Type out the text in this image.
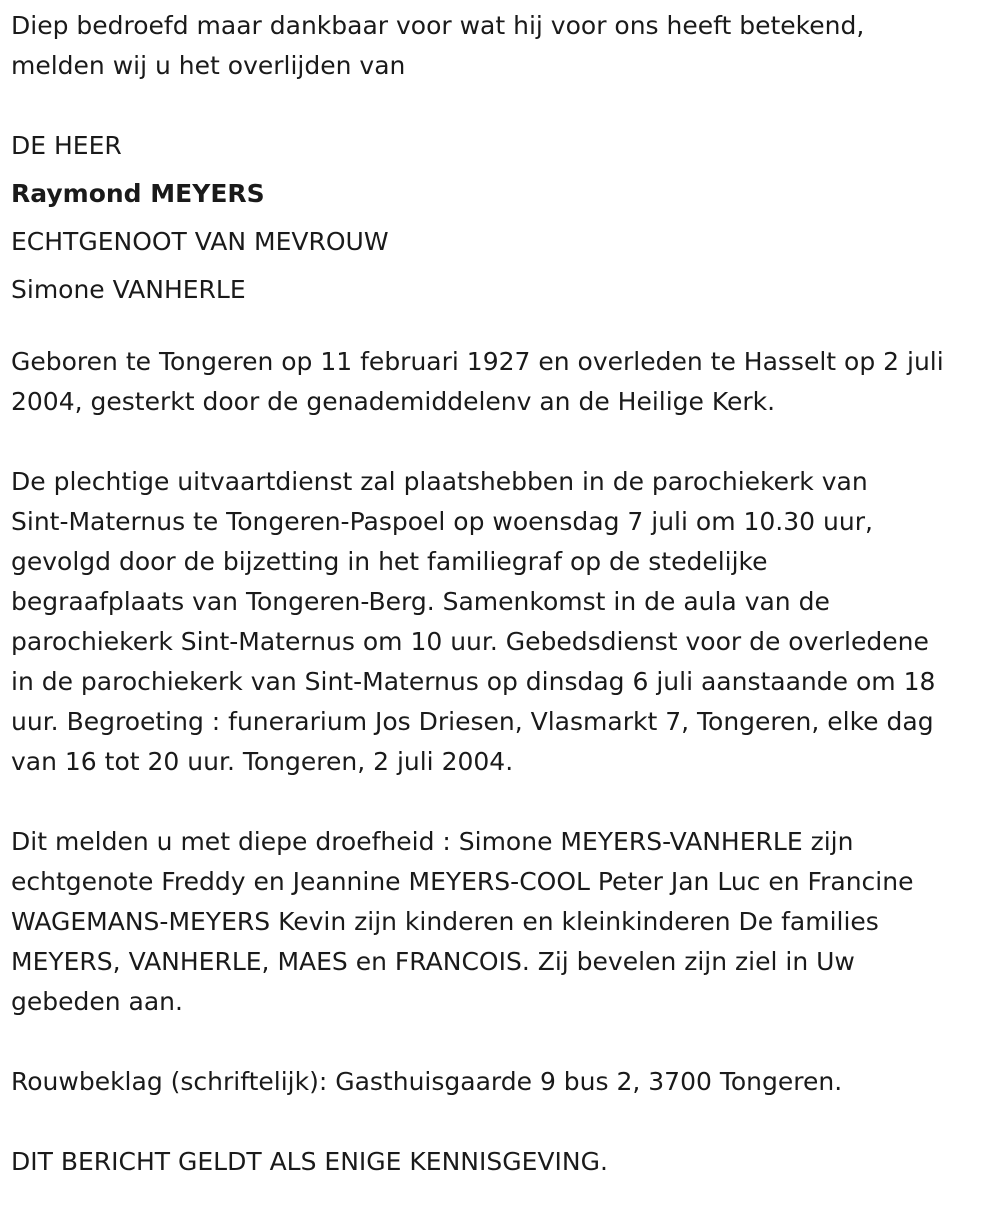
Diep bedroefd maar dankbaar voor wat hij voor ons heeft betekend,
melden wij u het overlijden van
DE HEER
Raymond MEYERS
ECHTGENOOT VAN MEVROUW
Simone VANHERLE
Geboren te Tongeren op 11 februari 1927 en overleden te Hasselt op 2 juli
2004, gesterkt door de genademiddelenv an de Heilige Kerk.
De plechtige uitvaartdienst zal plaatshebben in de parochiekerk van
Sint-Maternus te Tongeren-Paspoel op woensdag 7 juli om 10.30 uur,
gevolgd door de bijzetting in het familiegraf op de stedelijke
begraafplaats van Tongeren-Berg. Samenkomst in de aula van de
parochiekerk Sint-Maternus om 10 uur. Gebedsdienst voor de overledene
in de parochiekerk van Sint-Maternus op dinsdag 6 juli aanstaande om 18
uur. Begroeting : funerarium Jos Driesen, Vlasmarkt 7, Tongeren, elke dag
van 16 tot 20 uur. Tongeren, 2 juli 2004.
Dit melden u met diepe droefheid : Simone MEYERS-VANHERLE zijn
echtgenote Freddy en Jeannine MEYERS-COOL Peter Jan Luc en Francine
WAGEMANS-MEYERS Kevin zijn kinderen en kleinkinderen De families
MEYERS, VANHERLE, MAES en FRANCOIS. Zij bevelen zijn ziel in Uw
gebeden aan.
Rouwbeklag (schriftelijk): Gasthuisgaarde 9 bus 2, 3700 Tongeren.
DIT BERICHT GELDT ALS ENIGE KENNISGEVING.
